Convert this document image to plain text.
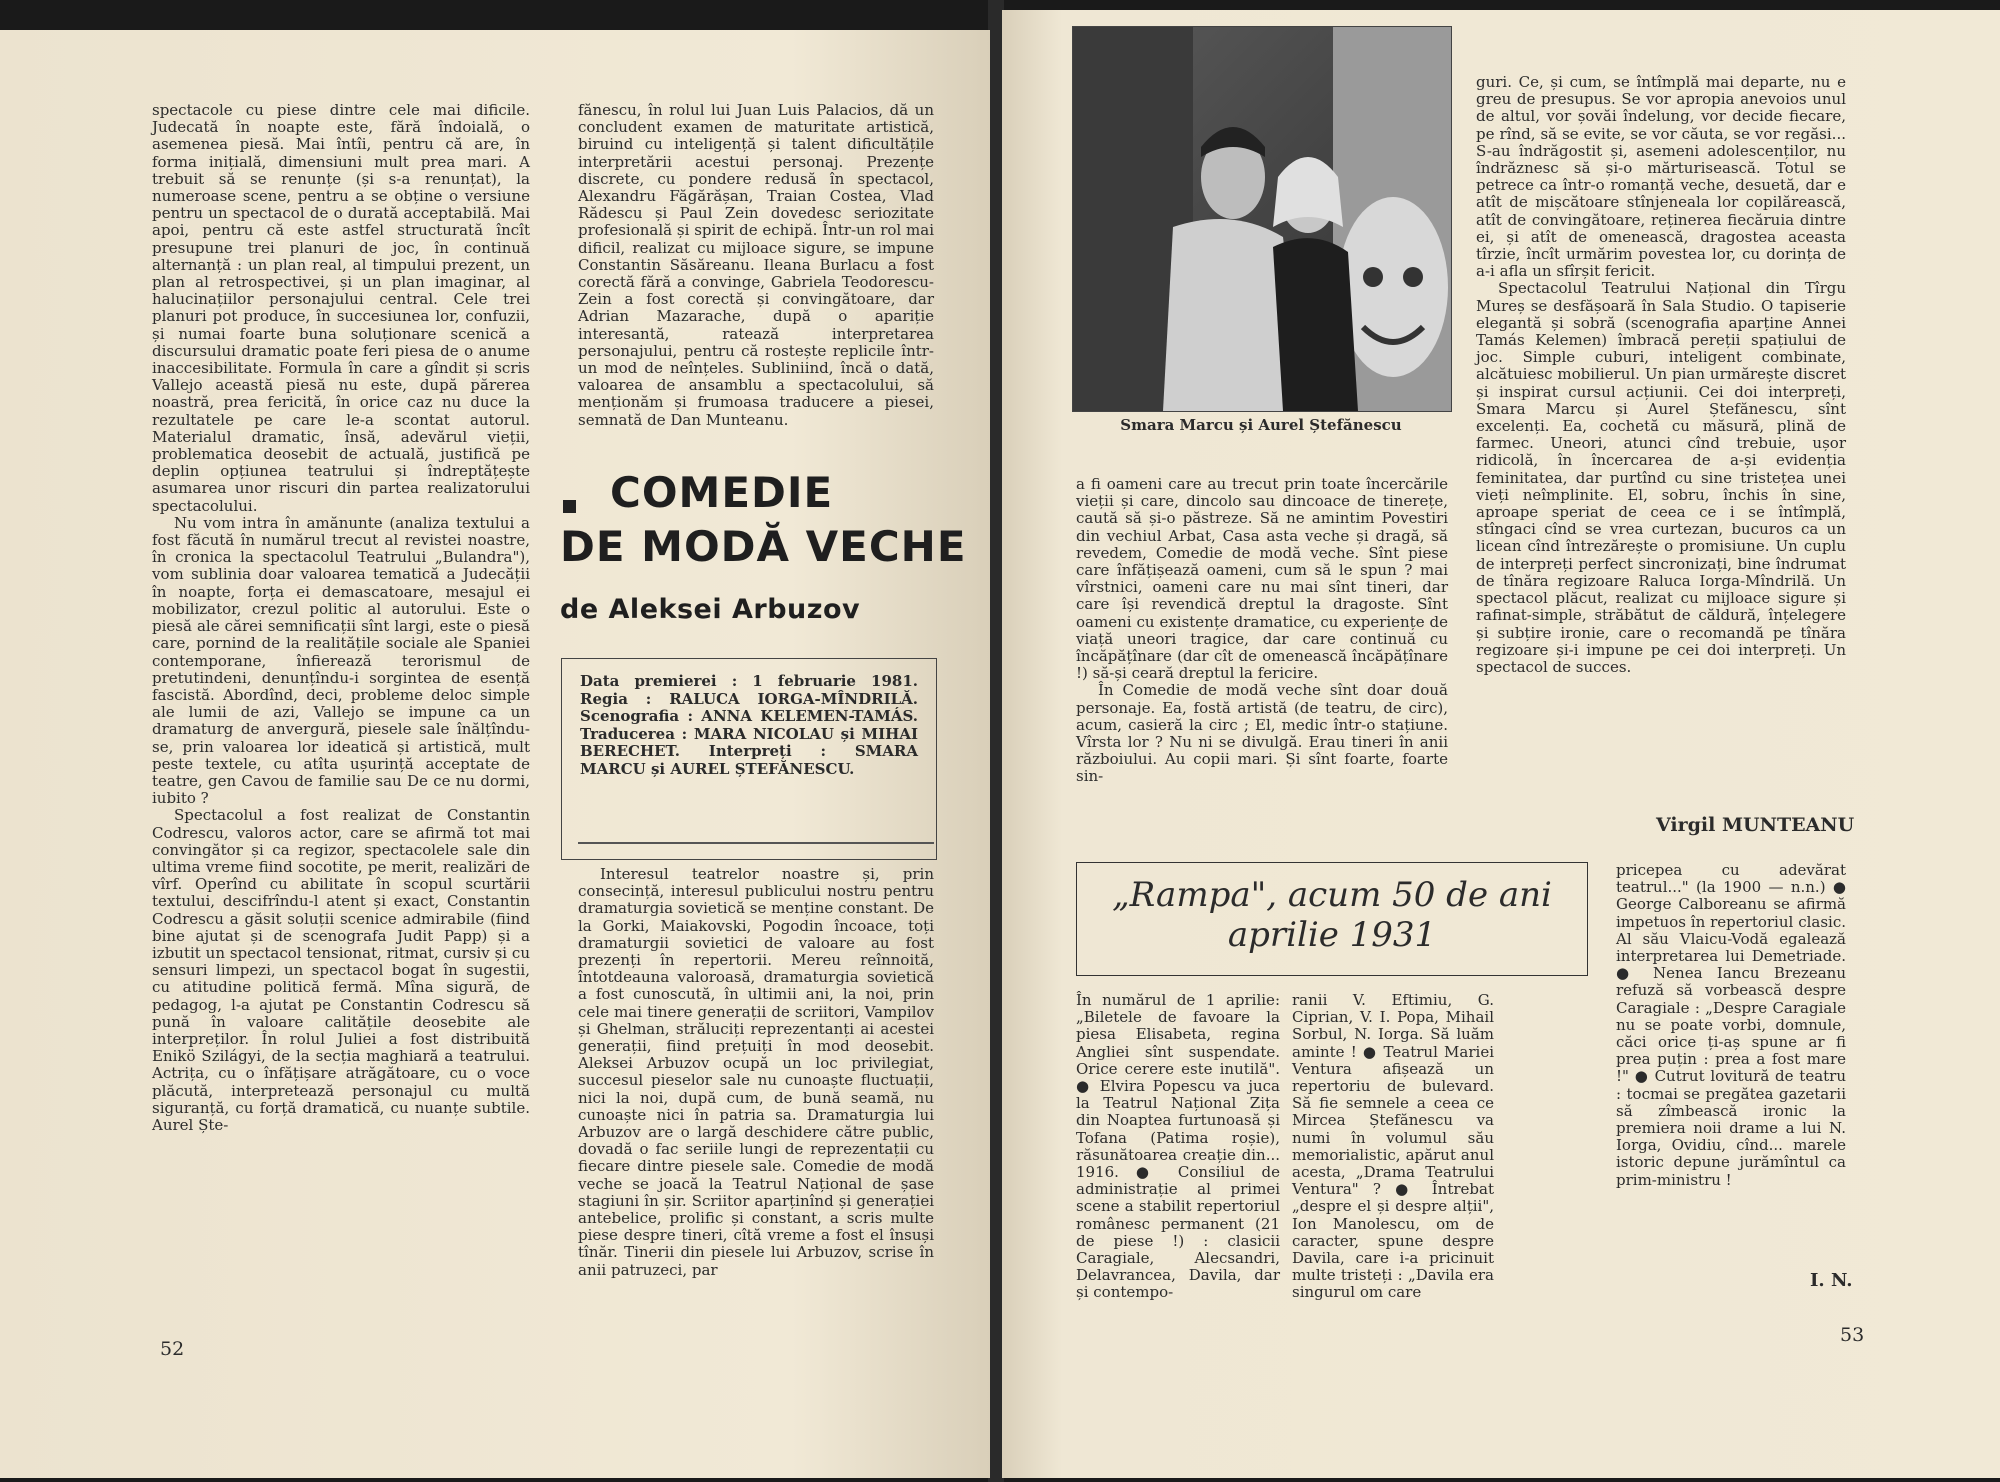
spectacole cu piese dintre cele mai dificile. Judecată în noapte este, fără îndoială, o asemenea piesă. Mai întîi, pentru că are, în forma inițială, dimensiuni mult prea mari. A trebuit să se renunțe (și s-a renunțat), la numeroase scene, pentru a se obține o versiune pentru un spectacol de o durată acceptabilă. Mai apoi, pentru că este astfel structurată încît presupune trei planuri de joc, în continuă alternanță : un plan real, al timpului prezent, un plan al retrospectivei, și un plan imaginar, al halucinațiilor personajului central. Cele trei planuri pot produce, în succesiunea lor, confuzii, și numai foarte buna soluționare scenică a discursului dramatic poate feri piesa de o anume inaccesibilitate. Formula în care a gîndit și scris Vallejo această piesă nu este, după părerea noastră, prea fericită, în orice caz nu duce la rezultatele pe care le-a scontat autorul. Materialul dramatic, însă, adevărul vieții, problematica deosebit de actuală, justifică pe deplin opțiunea teatrului și îndreptățește asumarea unor riscuri din partea realizatorului spectacolului.

Nu vom intra în amănunte (analiza textului a fost făcută în numărul trecut al revistei noastre, în cronica la spectacolul Teatrului „Bulandra"), vom sublinia doar valoarea tematică a Judecății în noapte, forța ei demascatoare, mesajul ei mobilizator, crezul politic al autorului. Este o piesă ale cărei semnificații sînt largi, este o piesă care, pornind de la realitățile sociale ale Spaniei contemporane, înfierează terorismul de pretutindeni, denunțîndu-i sorgintea de esență fascistă. Abordînd, deci, probleme deloc simple ale lumii de azi, Vallejo se impune ca un dramaturg de anvergură, piesele sale înălțîndu-se, prin valoarea lor ideatică și artistică, mult peste textele, cu atîta ușurință acceptate de teatre, gen Cavou de familie sau De ce nu dormi, iubito ?

Spectacolul a fost realizat de Constantin Codrescu, valoros actor, care se afirmă tot mai convingător și ca regizor, spectacolele sale din ultima vreme fiind socotite, pe merit, realizări de vîrf. Operînd cu abilitate în scopul scurtării textului, descifrîndu-l atent și exact, Constantin Codrescu a găsit soluții scenice admirabile (fiind bine ajutat și de scenografa Judit Papp) și a izbutit un spectacol tensionat, ritmat, cursiv și cu sensuri limpezi, un spectacol bogat în sugestii, cu atitudine politică fermă. Mîna sigură, de pedagog, l-a ajutat pe Constantin Codrescu să pună în valoare calitățile deosebite ale interpreților. În rolul Juliei a fost distribuită Enikö Szilágyi, de la secția maghiară a teatrului. Actrița, cu o înfățișare atrăgătoare, cu o voce plăcută, interpretează personajul cu multă siguranță, cu forță dramatică, cu nuanțe subtile. Aurel Ște-

fănescu, în rolul lui Juan Luis Palacios, dă un concludent examen de maturitate artistică, biruind cu inteligență și talent dificultățile interpretării acestui personaj. Prezențe discrete, cu pondere redusă în spectacol, Alexandru Făgărășan, Traian Costea, Vlad Rădescu și Paul Zein dovedesc seriozitate profesională și spirit de echipă. Într-un rol mai dificil, realizat cu mijloace sigure, se impune Constantin Săsăreanu. Ileana Burlacu a fost corectă fără a convinge, Gabriela Teodorescu-Zein a fost corectă și convingătoare, dar Adrian Mazarache, după o apariție interesantă, ratează interpretarea personajului, pentru că rostește replicile într-un mod de neînțeles. Subliniind, încă o dată, valoarea de ansamblu a spectacolului, să menționăm și frumoasa traducere a piesei, semnată de Dan Munteanu.

COMEDIE
DE MODĂ VECHE
de Aleksei Arbuzov
Data premierei : 1 februarie 1981. Regia : RALUCA IORGA-MÎNDRILĂ. Scenografia : ANNA KELEMEN-TAMÁS. Traducerea : MARA NICOLAU și MIHAI BERECHET. Interpreți : SMARA MARCU și AUREL ȘTEFĂNESCU.

Interesul teatrelor noastre și, prin consecință, interesul publicului nostru pentru dramaturgia sovietică se menține constant. De la Gorki, Maiakovski, Pogodin încoace, toți dramaturgii sovietici de valoare au fost prezenți în repertorii. Mereu reînnoită, întotdeauna valoroasă, dramaturgia sovietică a fost cunoscută, în ultimii ani, la noi, prin cele mai tinere generații de scriitori, Vampilov și Ghelman, străluciți reprezentanți ai acestei generații, fiind prețuiți în mod deosebit. Aleksei Arbuzov ocupă un loc privilegiat, succesul pieselor sale nu cunoaște fluctuații, nici la noi, după cum, de bună seamă, nu cunoaște nici în patria sa. Dramaturgia lui Arbuzov are o largă deschidere către public, dovadă o fac seriile lungi de reprezentații cu fiecare dintre piesele sale. Comedie de modă veche se joacă la Teatrul Național de șase stagiuni în șir. Scriitor aparținînd și generației antebelice, prolific și constant, a scris multe piese despre tineri, cîtă vreme a fost el însuși tînăr. Tinerii din piesele lui Arbuzov, scrise în anii patruzeci, par

52
Smara Marcu și Aurel Ștefănescu

a fi oameni care au trecut prin toate încercările vieții și care, dincolo sau dincoace de tinerețe, caută să și-o păstreze. Să ne amintim Povestiri din vechiul Arbat, Casa asta veche și dragă, să revedem, Comedie de modă veche. Sînt piese care înfățișează oameni, cum să le spun ? mai vîrstnici, oameni care nu mai sînt tineri, dar care își revendică dreptul la dragoste. Sînt oameni cu existențe dramatice, cu experiențe de viață uneori tragice, dar care continuă cu încăpățînare (dar cît de omenească încăpățînare !) să-și ceară dreptul la fericire.

În Comedie de modă veche sînt doar două personaje. Ea, fostă artistă (de teatru, de circ), acum, casieră la circ ; El, medic într-o stațiune. Vîrsta lor ? Nu ni se divulgă. Erau tineri în anii războiului. Au copii mari. Și sînt foarte, foarte sin-

guri. Ce, și cum, se întîmplă mai departe, nu e greu de presupus. Se vor apropia anevoios unul de altul, vor șovăi îndelung, vor decide fiecare, pe rînd, să se evite, se vor căuta, se vor regăsi... S-au îndrăgostit și, asemeni adolescenților, nu îndrăznesc să și-o mărturisească. Totul se petrece ca într-o romanță veche, desuetă, dar e atît de mișcătoare stînjeneala lor copilărească, atît de convingătoare, reținerea fiecăruia dintre ei, și atît de omenească, dragostea aceasta tîrzie, încît urmărim povestea lor, cu dorința de a-i afla un sfîrșit fericit.

Spectacolul Teatrului Național din Tîrgu Mureș se desfășoară în Sala Studio. O tapiserie elegantă și sobră (scenografia aparține Annei Tamás Kelemen) îmbracă pereții spațiului de joc. Simple cuburi, inteligent combinate, alcătuiesc mobilierul. Un pian urmărește discret și inspirat cursul acțiunii. Cei doi interpreți, Smara Marcu și Aurel Ștefănescu, sînt excelenți. Ea, cochetă cu măsură, plină de farmec. Uneori, atunci cînd trebuie, ușor ridicolă, în încercarea de a-și evidenția feminitatea, dar purtînd cu sine tristețea unei vieți neîmplinite. El, sobru, închis în sine, aproape speriat de ceea ce i se întîmplă, stîngaci cînd se vrea curtezan, bucuros ca un licean cînd întrezărește o promisiune. Un cuplu de interpreți perfect sincronizați, bine îndrumat de tînăra regizoare Raluca Iorga-Mîndrilă. Un spectacol plăcut, realizat cu mijloace sigure și rafinat-simple, străbătut de căldură, înțelegere și subțire ironie, care o recomandă pe tînăra regizoare și-i impune pe cei doi interpreți. Un spectacol de succes.

Virgil MUNTEANU
„Rampa", acum 50 de ani
aprilie 1931

În numărul de 1 aprilie: „Biletele de favoare la piesa Elisabeta, regina Angliei sînt suspendate. Orice cerere este inutilă". ● Elvira Popescu va juca la Teatrul Național Zița din Noaptea furtunoasă și Tofana (Patima roșie), răsunătoarea creație din... 1916. ● Consiliul de administrație al primei scene a stabilit repertoriul românesc permanent (21 de piese !) : clasicii Caragiale, Alecsandri, Delavrancea, Davila, dar și contempo-

ranii V. Eftimiu, G. Ciprian, V. I. Popa, Mihail Sorbul, N. Iorga. Să luăm aminte ! ● Teatrul Mariei Ventura afișează un repertoriu de bulevard. Să fie semnele a ceea ce Mircea Ștefănescu va numi în volumul său memorialistic, apărut anul acesta, „Drama Teatrului Ventura" ? ● Întrebat „despre el și despre alții", Ion Manolescu, om de caracter, spune despre Davila, care i-a pricinuit multe tristeți : „Davila era singurul om care

pricepea cu adevărat teatrul..." (la 1900 — n.n.) ● George Calboreanu se afirmă impetuos în repertoriul clasic. Al său Vlaicu-Vodă egalează interpretarea lui Demetriade. ● Nenea Iancu Brezeanu refuză să vorbească despre Caragiale : „Despre Caragiale nu se poate vorbi, domnule, căci orice ți-aș spune ar fi prea puțin : prea a fost mare !" ● Cutrut lovitură de teatru : tocmai se pregătea gazetarii să zîmbească ironic la premiera noii drame a lui N. Iorga, Ovidiu, cînd... marele istoric depune jurămîntul ca prim-ministru !

I. N.
53
